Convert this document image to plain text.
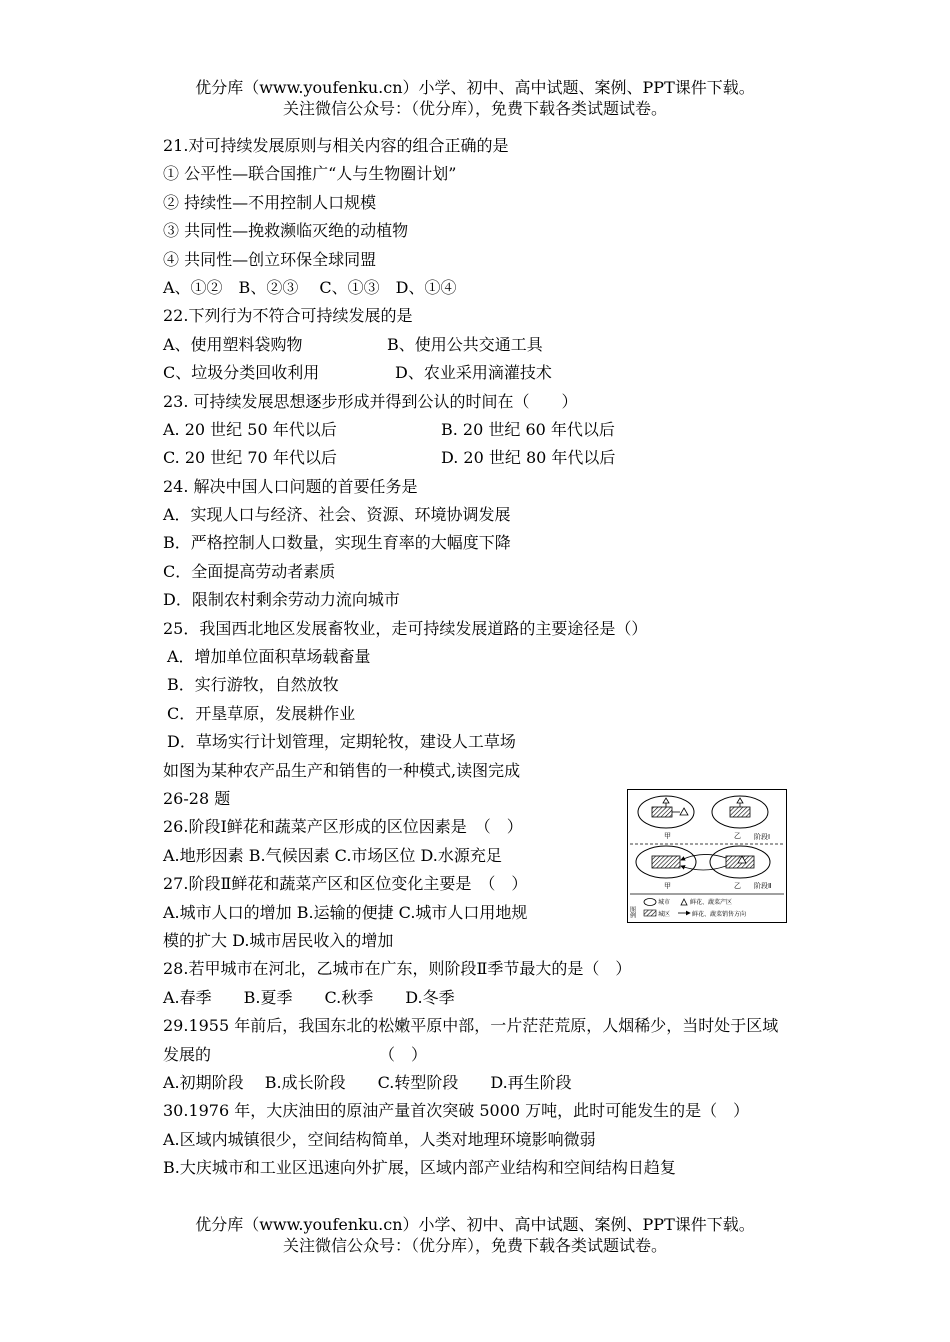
优分库（www.youfenku.cn）小学、初中、高中试题、案例、PPT课件下载。
关注微信公众号：（优分库），免费下载各类试题试卷。
21.对可持续发展原则与相关内容的组合正确的是
① 公平性—联合国推广“人与生物圈计划”
② 持续性—不用控制人口规模
③ 共同性—挽救濒临灭绝的动植物
④ 共同性—创立环保全球同盟
A、①②　B、②③　 C、①③　D、①④
22.下列行为不符合可持续发展的是
A、使用塑料袋购物	B、使用公共交通工具
C、垃圾分类回收利用	D、农业采用滴灌技术
23. 可持续发展思想逐步形成并得到公认的时间在（　　）
A. 20 世纪 50 年代以后	B. 20 世纪 60 年代以后
C. 20 世纪 70 年代以后	D. 20 世纪 80 年代以后
24. 解决中国人口问题的首要任务是
A．实现人口与经济、社会、资源、环境协调发展
B．严格控制人口数量，实现生育率的大幅度下降
C．全面提高劳动者素质
D．限制农村剩余劳动力流向城市
25．我国西北地区发展畜牧业，走可持续发展道路的主要途径是（）
A．增加单位面积草场载畜量
B．实行游牧，自然放牧
C．开垦草原，发展耕作业
D．草场实行计划管理，定期轮牧，建设人工草场
如图为某种农产品生产和销售的一种模式,读图完成
26-28 题
26.阶段Ⅰ鲜花和蔬菜产区形成的区位因素是　（　）
A.地形因素 B.气候因素 C.市场区位 D.水源充足
27.阶段Ⅱ鲜花和蔬菜产区和区位变化主要是　（　）
A.城市人口的增加 B.运输的便捷 C.城市人口用地规
模的扩大 D.城市居民收入的增加
28.若甲城市在河北，乙城市在广东，则阶段Ⅱ季节最大的是（　）
A.春季　　B.夏季　　C.秋季　　D.冬季
29.1955 年前后，我国东北的松嫩平原中部，一片茫茫荒原，人烟稀少，当时处于区域发展的　　　　　　　　　　　（　）
A.初期阶段　 B.成长阶段　　C.转型阶段　　D.再生阶段
30.1976 年，大庆油田的原油产量首次突破 5000 万吨，此时可能发生的是（　）
A.区域内城镇很少，空间结构简单，人类对地理环境影响微弱
B.大庆城市和工业区迅速向外扩展，区域内部产业结构和空间结构日趋复
甲	乙 阶段Ⅰ
甲	乙 阶段Ⅱ
图例
城市	鲜花、蔬菜产区
城区	鲜花、蔬菜销售方向
优分库（www.youfenku.cn）小学、初中、高中试题、案例、PPT课件下载。
关注微信公众号：（优分库），免费下载各类试题试卷。
